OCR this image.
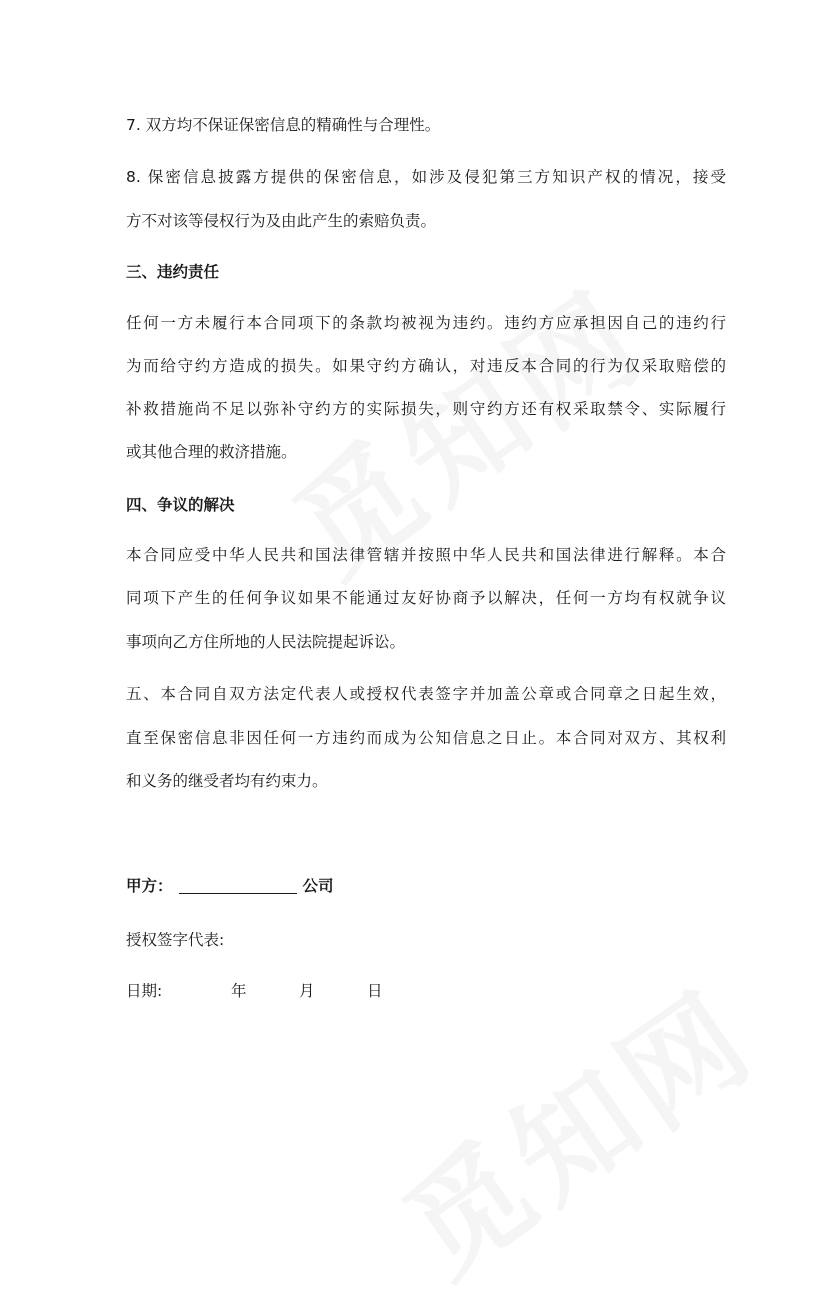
7. 双方均不保证保密信息的精确性与合理性。
8. 保密信息披露方提供的保密信息，如涉及侵犯第三方知识产权的情况，接受
方不对该等侵权行为及由此产生的索赔负责。
三、违约责任
任何一方未履行本合同项下的条款均被视为违约。违约方应承担因自己的违约行
为而给守约方造成的损失。如果守约方确认，对违反本合同的行为仅采取赔偿的
补救措施尚不足以弥补守约方的实际损失，则守约方还有权采取禁令、实际履行
或其他合理的救济措施。
四、争议的解决
本合同应受中华人民共和国法律管辖并按照中华人民共和国法律进行解释。本合
同项下产生的任何争议如果不能通过友好协商予以解决，任何一方均有权就争议
事项向乙方住所地的人民法院提起诉讼。
五、本合同自双方法定代表人或授权代表签字并加盖公章或合同章之日起生效，
直至保密信息非因任何一方违约而成为公知信息之日止。本合同对双方、其权利
和义务的继受者均有约束力。
甲方：	公司
授权签字代表:
日期:	年	月	日
